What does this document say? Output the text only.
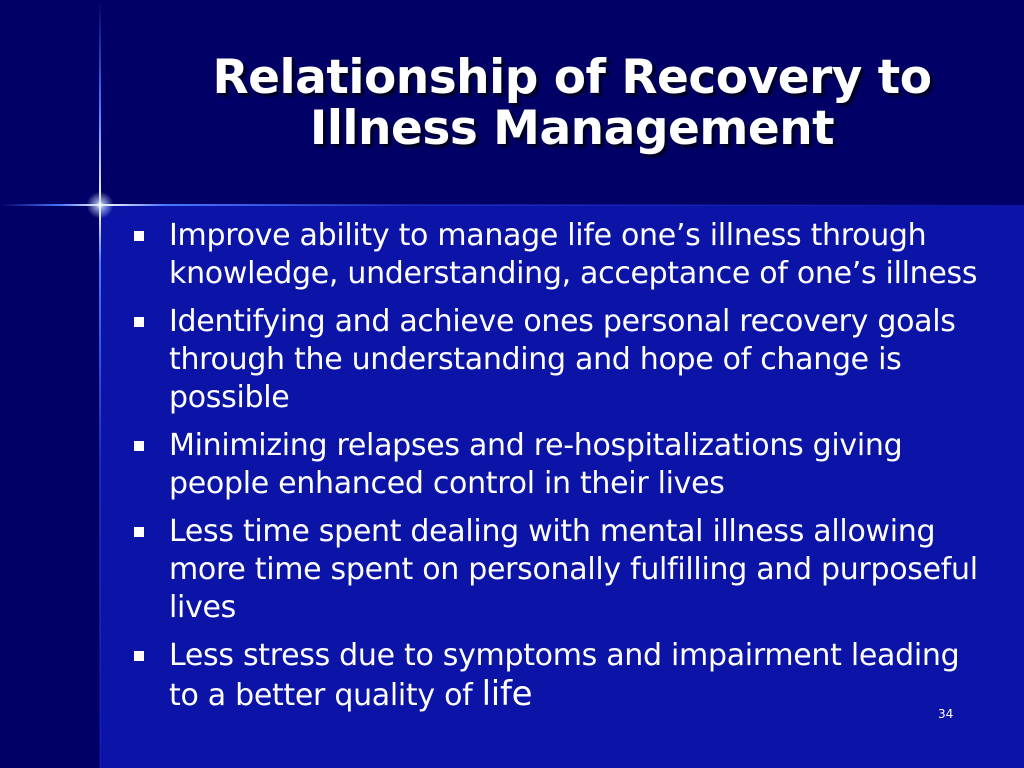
Relationship of Recovery to
Illness Management
Improve ability to manage life one’s illness through knowledge, understanding, acceptance of one’s illness
Identifying and achieve ones personal recovery goals through the understanding and hope of change is possible
Minimizing relapses and re-hospitalizations giving people enhanced control in their lives
Less time spent dealing with mental illness allowing more time spent on personally fulfilling and purposeful lives
Less stress due to symptoms and impairment leading to a better quality of life	34
